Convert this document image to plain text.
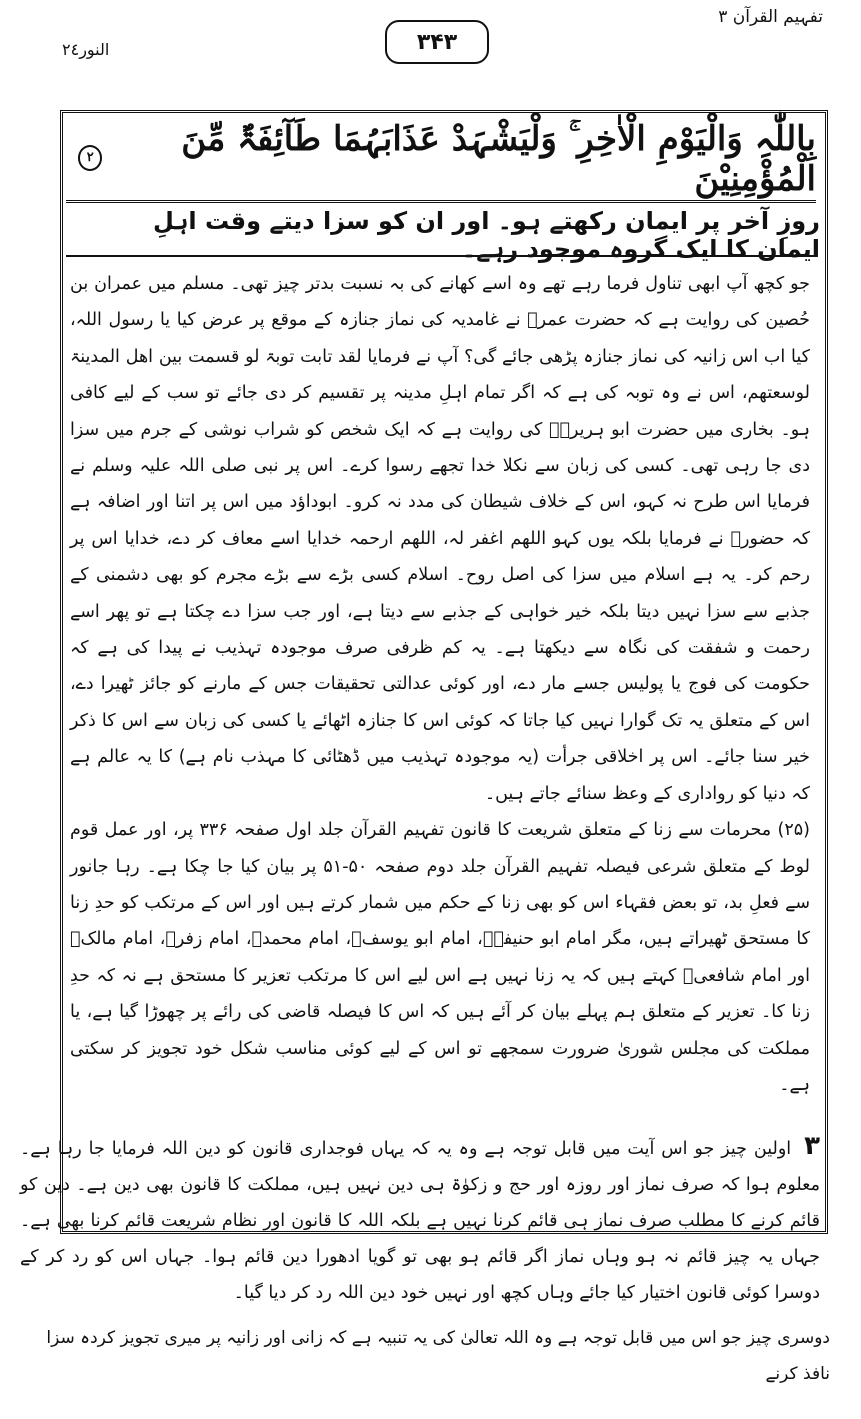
النور٢٤	۳۴۳
تفہیم القرآن ۳
بِاللّٰہِ وَالْیَوْمِ الْاٰخِرِ ۚ وَلْیَشْہَدْ عَذَابَہُمَا طَآئِفَۃٌ مِّنَ الْمُؤْمِنِیْنَ
۲
روزِ آخر پر ایمان رکھتے ہو۔ اور ان کو سزا دیتے وقت اہلِ ایمان کا ایک گروہ موجود رہے۔

جو کچھ آپ ابھی تناول فرما رہے تھے وہ اسے کھانے کی بہ نسبت بدتر چیز تھی۔ مسلم میں عمران بن حُصین کی روایت ہے کہ حضرت عمرؓ نے غامدیہ کی نماز جنازہ کے موقع پر عرض کیا یا رسول اللہ، کیا اب اس زانیہ کی نماز جنازہ پڑھی جائے گی؟ آپ نے فرمایا لقد تابت توبۃ لو قسمت بین اھل المدینۃ لوسعتھم، اس نے وہ توبہ کی ہے کہ اگر تمام اہلِ مدینہ پر تقسیم کر دی جائے تو سب کے لیے کافی ہو۔ بخاری میں حضرت ابو ہریرہؓ کی روایت ہے کہ ایک شخص کو شراب نوشی کے جرم میں سزا دی جا رہی تھی۔ کسی کی زبان سے نکلا خدا تجھے رسوا کرے۔ اس پر نبی صلی اللہ علیہ وسلم نے فرمایا اس طرح نہ کہو، اس کے خلاف شیطان کی مدد نہ کرو۔ ابوداؤد میں اس پر اتنا اور اضافہ ہے کہ حضورؐ نے فرمایا بلکہ یوں کہو اللھم اغفر لہ، اللھم ارحمہ خدایا اسے معاف کر دے، خدایا اس پر رحم کر۔ یہ ہے اسلام میں سزا کی اصل روح۔ اسلام کسی بڑے سے بڑے مجرم کو بھی دشمنی کے جذبے سے سزا نہیں دیتا بلکہ خیر خواہی کے جذبے سے دیتا ہے، اور جب سزا دے چکتا ہے تو پھر اسے رحمت و شفقت کی نگاہ سے دیکھتا ہے۔ یہ کم ظرفی صرف موجودہ تہذیب نے پیدا کی ہے کہ حکومت کی فوج یا پولیس جسے مار دے، اور کوئی عدالتی تحقیقات جس کے مارنے کو جائز ٹھیرا دے، اس کے متعلق یہ تک گوارا نہیں کیا جاتا کہ کوئی اس کا جنازہ اٹھائے یا کسی کی زبان سے اس کا ذکر خیر سنا جائے۔ اس پر اخلاقی جرأت (یہ موجودہ تہذیب میں ڈھٹائی کا مہذب نام ہے) کا یہ عالم ہے کہ دنیا کو رواداری کے وعظ سنائے جاتے ہیں۔

(۲۵) محرمات سے زنا کے متعلق شریعت کا قانون تفہیم القرآن جلد اول صفحہ ۳۳۶ پر، اور عمل قوم لوط کے متعلق شرعی فیصلہ تفہیم القرآن جلد دوم صفحہ ۵۰-۵۱ پر بیان کیا جا چکا ہے۔ رہا جانور سے فعلِ بد، تو بعض فقہاء اس کو بھی زنا کے حکم میں شمار کرتے ہیں اور اس کے مرتکب کو حدِ زنا کا مستحق ٹھیراتے ہیں، مگر امام ابو حنیفہؒ، امام ابو یوسفؒ، امام محمدؒ، امام زفرؒ، امام مالکؒ اور امام شافعیؒ کہتے ہیں کہ یہ زنا نہیں ہے اس لیے اس کا مرتکب تعزیر کا مستحق ہے نہ کہ حدِ زنا کا۔ تعزیر کے متعلق ہم پہلے بیان کر آئے ہیں کہ اس کا فیصلہ قاضی کی رائے پر چھوڑا گیا ہے، یا مملکت کی مجلس شوریٰ ضرورت سمجھے تو اس کے لیے کوئی مناسب شکل خود تجویز کر سکتی ہے۔

۳ اولین چیز جو اس آیت میں قابل توجہ ہے وہ یہ کہ یہاں فوجداری قانون کو دین اللہ فرمایا جا رہا ہے۔ معلوم ہوا کہ صرف نماز اور روزہ اور حج و زکوٰۃ ہی دین نہیں ہیں، مملکت کا قانون بھی دین ہے۔ دین کو قائم کرنے کا مطلب صرف نماز ہی قائم کرنا نہیں ہے بلکہ اللہ کا قانون اور نظام شریعت قائم کرنا بھی ہے۔ جہاں یہ چیز قائم نہ ہو وہاں نماز اگر قائم ہو بھی تو گویا ادھورا دین قائم ہوا۔ جہاں اس کو رد کر کے دوسرا کوئی قانون اختیار کیا جائے وہاں کچھ اور نہیں خود دین اللہ رد کر دیا گیا۔
دوسری چیز جو اس میں قابل توجہ ہے وہ اللہ تعالیٰ کی یہ تنبیہ ہے کہ زانی اور زانیہ پر میری تجویز کردہ سزا نافذ کرنے
